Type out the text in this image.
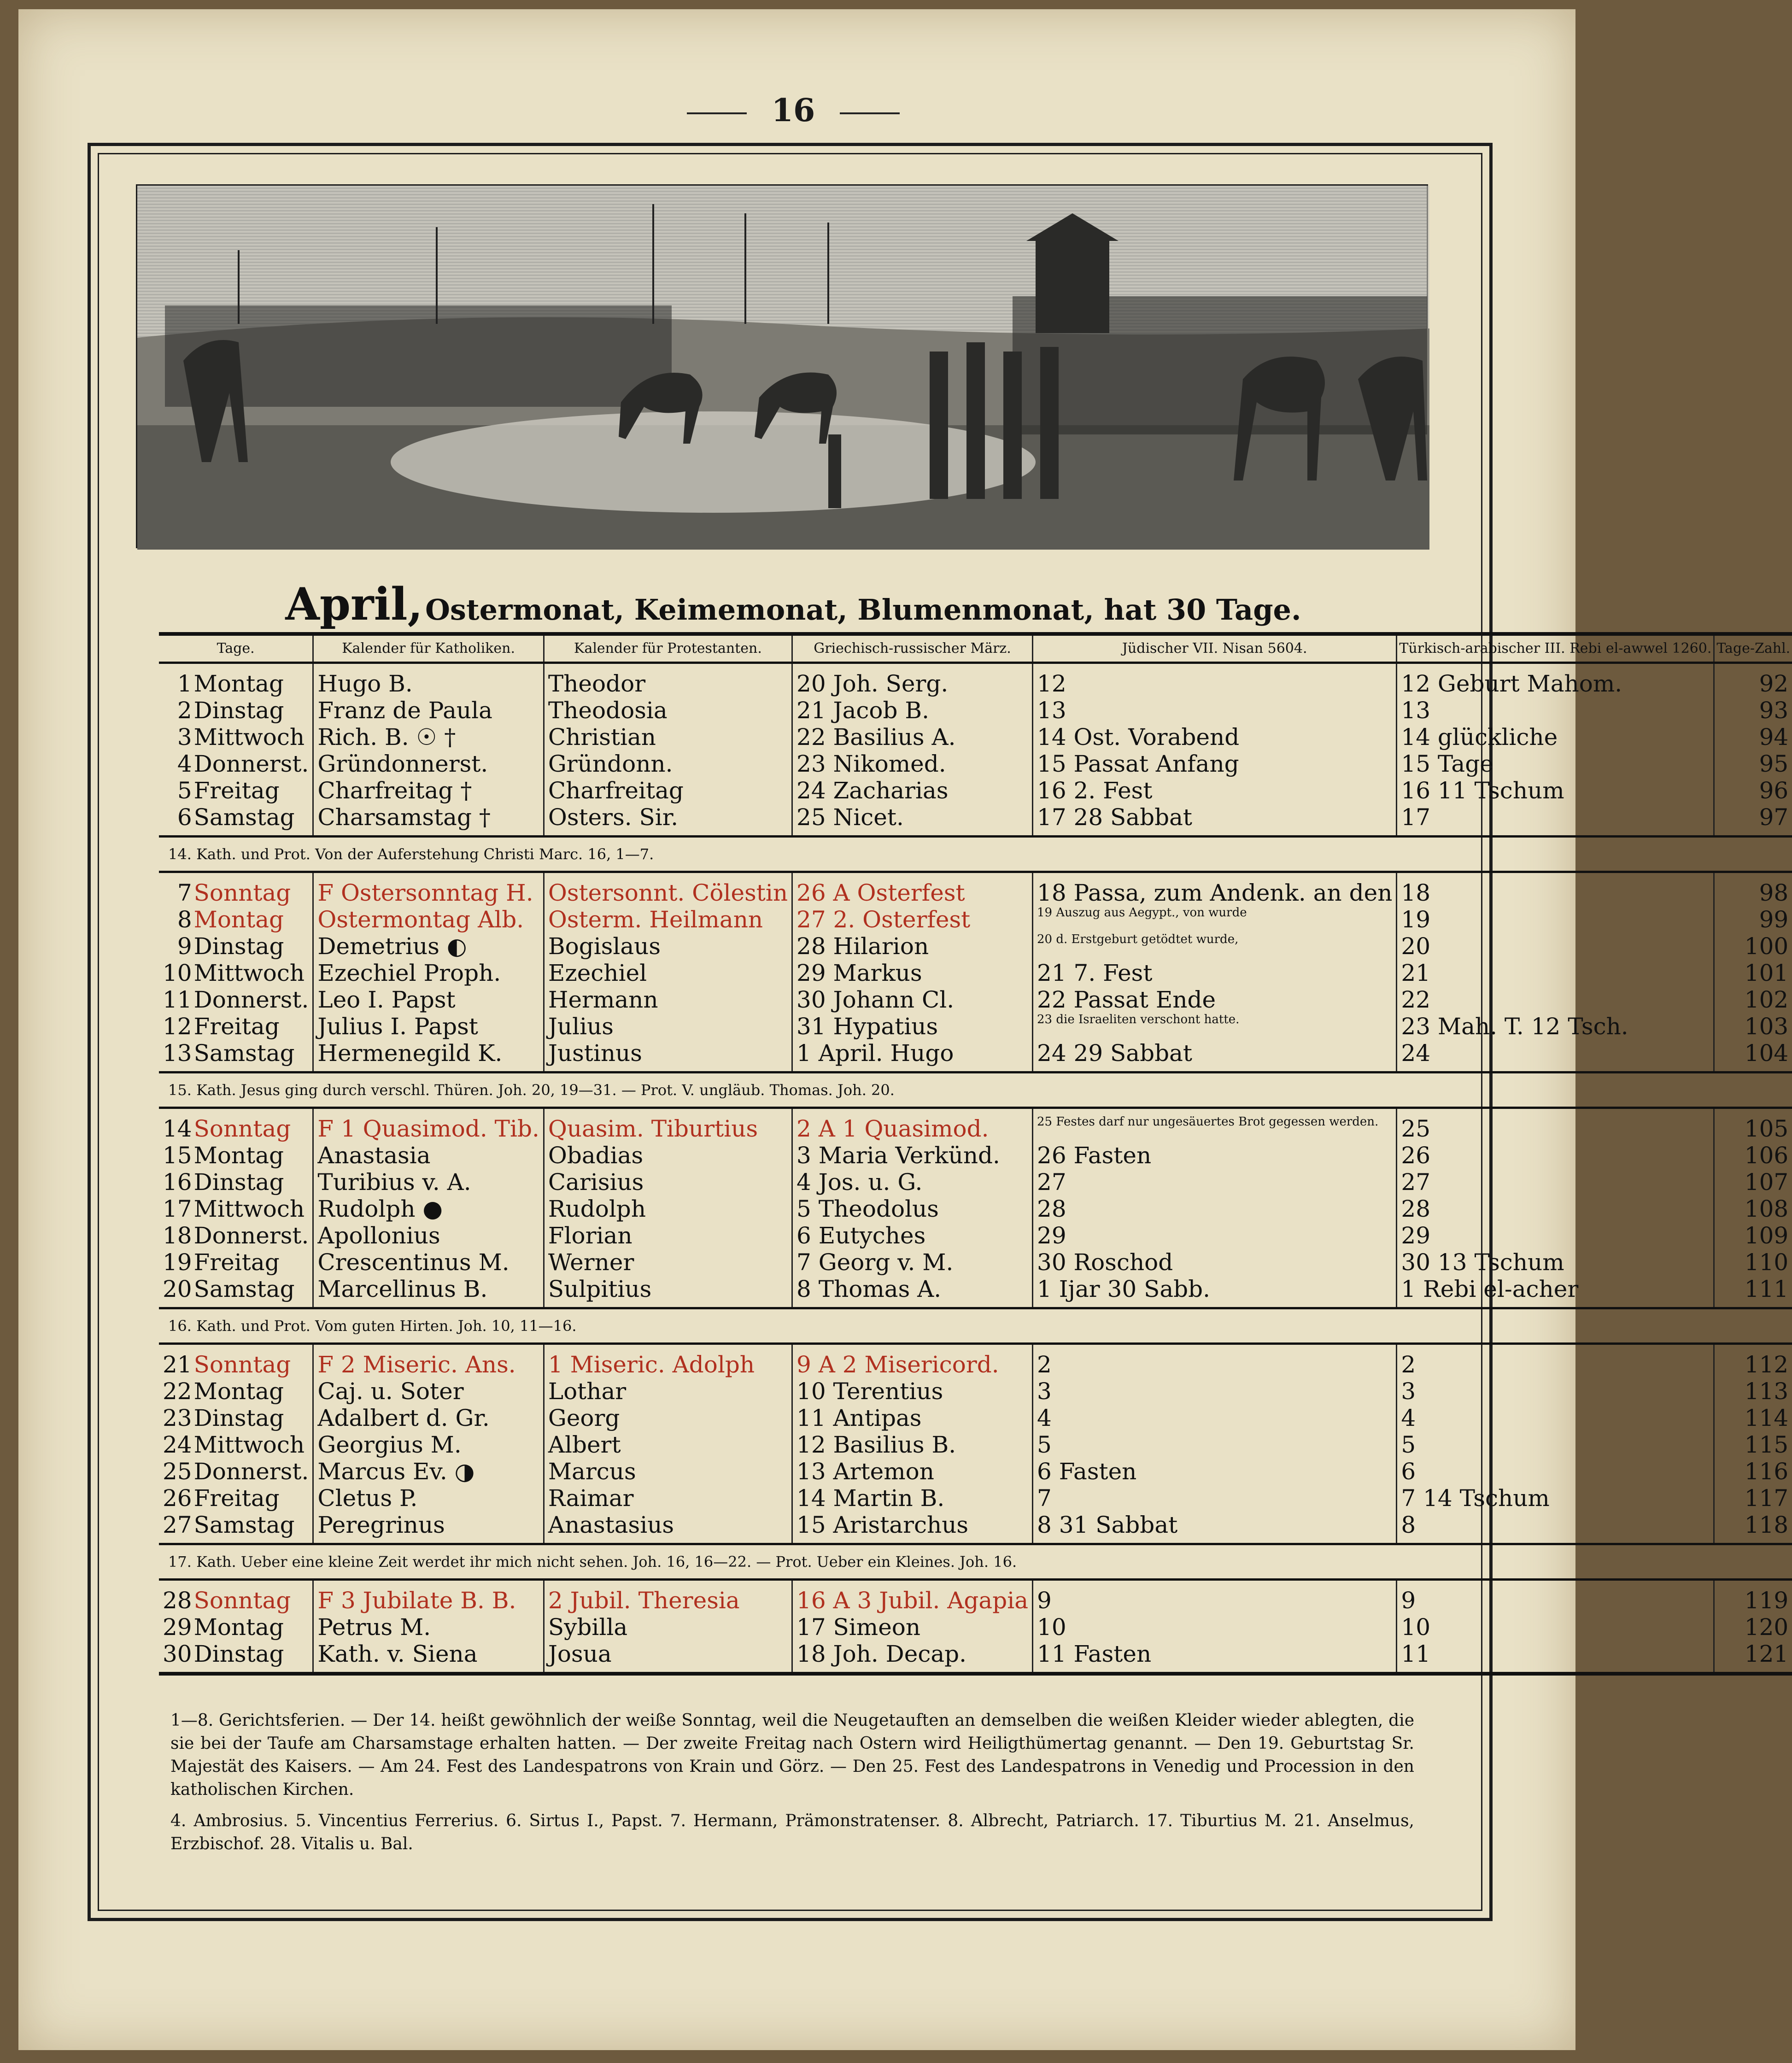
16
April, Ostermonat, Keimemonat, Blumenmonat, hat 30 Tage.
Tage.		Kalender für Katholiken.	Kalender für Protestanten.	Griechisch-russischer März.	Jüdischer VII. Nisan 5604.	Türkisch-arabischer III. Rebi el-awwel 1260.	Tage-Zahl.
1	Montag	Hugo B.	Theodor	20 Joh. Serg.	12	12 Geburt Mahom.	92
2	Dinstag	Franz de Paula	Theodosia	21 Jacob B.	13	13	93
3	Mittwoch	Rich. B. ☉ †	Christian	22 Basilius A.	14 Ost. Vorabend	14 glückliche	94
4	Donnerst.	Gründonnerst.	Gründonn.	23 Nikomed.	15 Passat Anfang	15 Tage	95
5	Freitag	Charfreitag †	Charfreitag	24 Zacharias	16 2. Fest	16 11 Tschum	96
6	Samstag	Charsamstag †	Osters. Sir.	25 Nicet.	17 28 Sabbat	17	97
14. Kath. und Prot. Von der Auferstehung Christi Marc. 16, 1—7.							
7	Sonntag	F Ostersonntag H.	Ostersonnt. Cölestin	26 A Osterfest	18 Passa, zum Andenk. an den	18	98
8	Montag	Ostermontag Alb.	Osterm. Heilmann	27 2. Osterfest	19 Auszug aus Aegypt., von wurde	19	99
9	Dinstag	Demetrius ◐	Bogislaus	28 Hilarion	20 d. Erstgeburt getödtet wurde,	20	100
10	Mittwoch	Ezechiel Proph.	Ezechiel	29 Markus	21 7. Fest	21	101
11	Donnerst.	Leo I. Papst	Hermann	30 Johann Cl.	22 Passat Ende	22	102
12	Freitag	Julius I. Papst	Julius	31 Hypatius	23 die Israeliten verschont hatte.	23 Mah. T. 12 Tsch.	103
13	Samstag	Hermenegild K.	Justinus	1 April. Hugo	24 29 Sabbat	24	104
15. Kath. Jesus ging durch verschl. Thüren. Joh. 20, 19—31. — Prot. V. ungläub. Thomas. Joh. 20.							
14	Sonntag	F 1 Quasimod. Tib.	Quasim. Tiburtius	2 A 1 Quasimod.	25 Festes darf nur ungesäuertes Brot gegessen werden.	25	105
15	Montag	Anastasia	Obadias	3 Maria Verkünd.	26 Fasten	26	106
16	Dinstag	Turibius v. A.	Carisius	4 Jos. u. G.	27	27	107
17	Mittwoch	Rudolph ●	Rudolph	5 Theodolus	28	28	108
18	Donnerst.	Apollonius	Florian	6 Eutyches	29	29	109
19	Freitag	Crescentinus M.	Werner	7 Georg v. M.	30 Roschod	30 13 Tschum	110
20	Samstag	Marcellinus B.	Sulpitius	8 Thomas A.	1 Ijar 30 Sabb.	1 Rebi el-acher	111
16. Kath. und Prot. Vom guten Hirten. Joh. 10, 11—16.							
21	Sonntag	F 2 Miseric. Ans.	1 Miseric. Adolph	9 A 2 Misericord.	2	2	112
22	Montag	Caj. u. Soter	Lothar	10 Terentius	3	3	113
23	Dinstag	Adalbert d. Gr.	Georg	11 Antipas	4	4	114
24	Mittwoch	Georgius M.	Albert	12 Basilius B.	5	5	115
25	Donnerst.	Marcus Ev. ◑	Marcus	13 Artemon	6 Fasten	6	116
26	Freitag	Cletus P.	Raimar	14 Martin B.	7	7 14 Tschum	117
27	Samstag	Peregrinus	Anastasius	15 Aristarchus	8 31 Sabbat	8	118
17. Kath. Ueber eine kleine Zeit werdet ihr mich nicht sehen. Joh. 16, 16—22. — Prot. Ueber ein Kleines. Joh. 16.							
28	Sonntag	F 3 Jubilate B. B.	2 Jubil. Theresia	16 A 3 Jubil. Agapia	9	9	119
29	Montag	Petrus M.	Sybilla	17 Simeon	10	10	120
30	Dinstag	Kath. v. Siena	Josua	18 Joh. Decap.	11 Fasten	11	121

1—8. Gerichtsferien. — Der 14. heißt gewöhnlich der weiße Sonntag, weil die Neugetauften an demselben die weißen Kleider wieder ablegten, die sie bei der Taufe am Charsamstage erhalten hatten. — Der zweite Freitag nach Ostern wird Heiligthümertag genannt. — Den 19. Geburtstag Sr. Majestät des Kaisers. — Am 24. Fest des Landespatrons von Krain und Görz. — Den 25. Fest des Landespatrons in Venedig und Procession in den katholischen Kirchen.

4. Ambrosius. 5. Vincentius Ferrerius. 6. Sirtus I., Papst. 7. Hermann, Prämonstratenser. 8. Albrecht, Patriarch. 17. Tiburtius M. 21. Anselmus, Erzbischof. 28. Vitalis u. Bal.
